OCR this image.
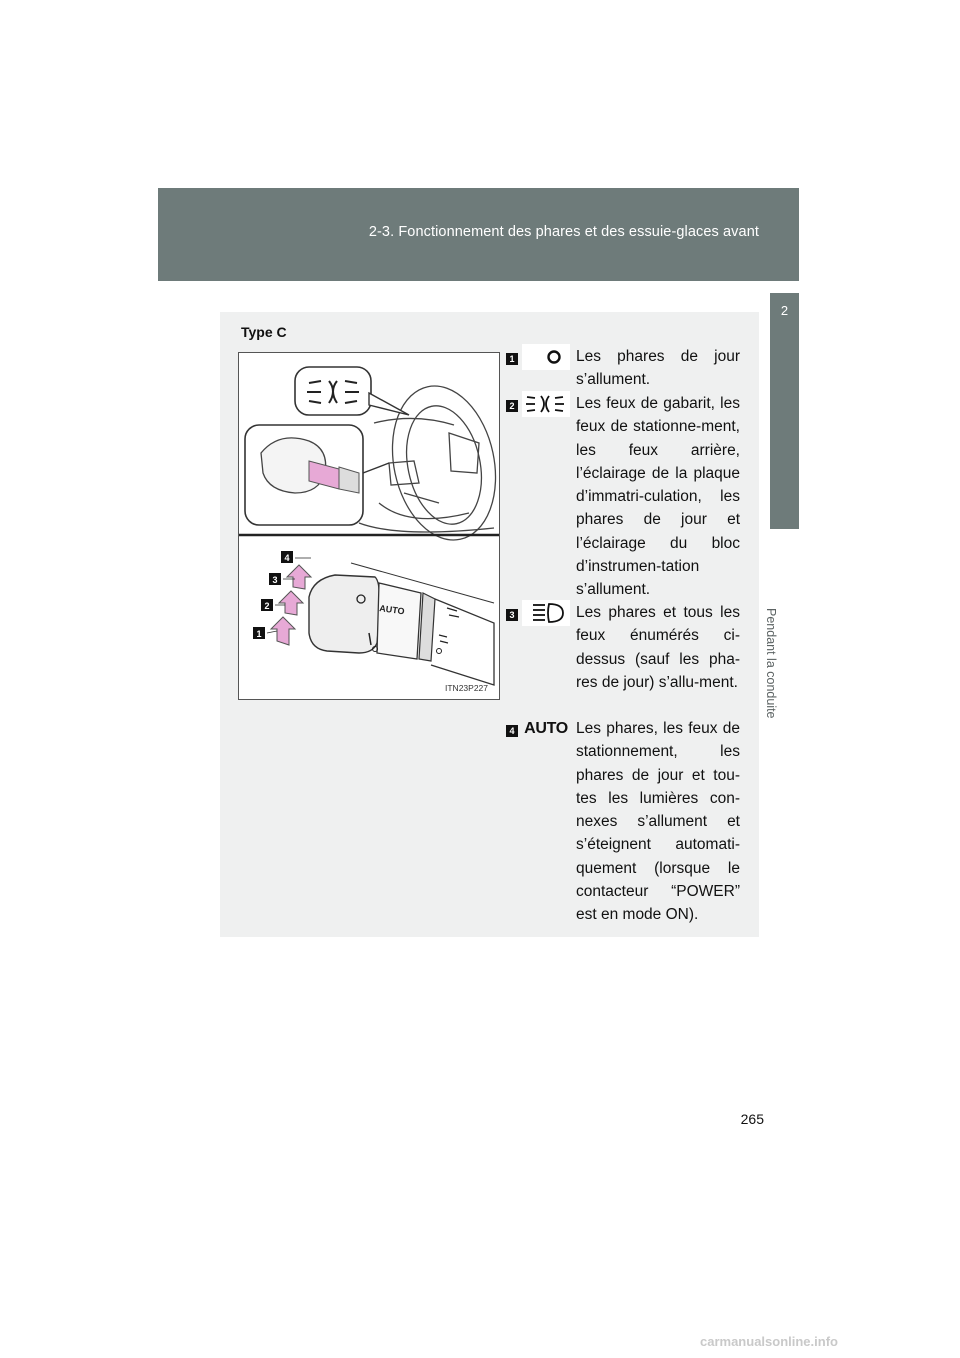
2-3. Fonctionnement des phares et des essuie-glaces avant
2
Pendant la conduite
Type C
AUTO
1
2
3
4
ITN23P227
1	Les phares de jour s’allument.
2	Les feux de gabarit, les feux de stationne-ment, les feux arrière, l’éclairage de la plaque d’immatri-culation, les phares de jour et l’éclairage du bloc d’instrumen-tation s’allument.
3	Les phares et tous les feux énumérés ci-dessus (sauf les pha-res de jour) s’allu-ment.
4 AUTO Les phares, les feux de stationnement, les phares de jour et tou-tes les lumières con-nexes s’allument et s’éteignent automati-quement (lorsque le contacteur “POWER” est en mode ON).
265
carmanualsonline.info
